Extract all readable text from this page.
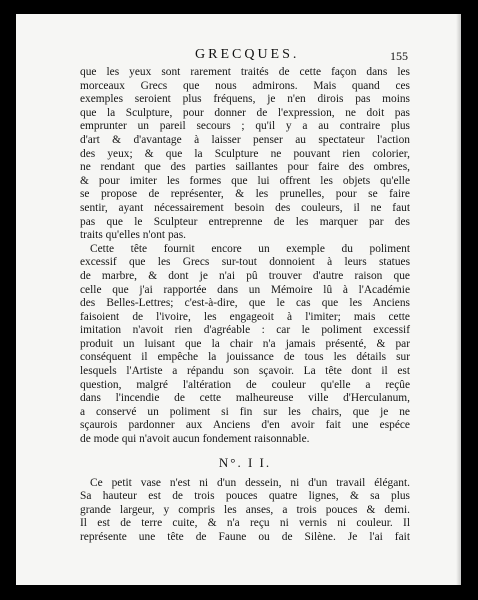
GRECQUES.	155
que les yeux sont rarement traités de cette façon dans les
morceaux Grecs que nous admirons. Mais quand ces
exemples seroient plus fréquens, je n'en dirois pas moins
que la Sculpture, pour donner de l'expression, ne doit pas
emprunter un pareil secours ; qu'il y a au contraire plus
d'art & d'avantage à laisser penser au spectateur l'action
des yeux; & que la Sculpture ne pouvant rien colorier,
ne rendant que des parties saillantes pour faire des ombres,
& pour imiter les formes que lui offrent les objets qu'elle
se propose de représenter, & les prunelles, pour se faire
sentir, ayant nécessairement besoin des couleurs, il ne faut
pas que le Sculpteur entreprenne de les marquer par des
traits qu'elles n'ont pas.
Cette tête fournit encore un exemple du poliment
excessif que les Grecs sur-tout donnoient à leurs statues
de marbre, & dont je n'ai pû trouver d'autre raison que
celle que j'ai rapportée dans un Mémoire lû à l'Académie
des Belles-Lettres; c'est-à-dire, que le cas que les Anciens
faisoient de l'ivoire, les engageoit à l'imiter; mais cette
imitation n'avoit rien d'agréable : car le poliment excessif
produit un luisant que la chair n'a jamais présenté, & par
conséquent il empêche la jouissance de tous les détails sur
lesquels l'Artiste a répandu son sçavoir. La tête dont il est
question, malgré l'altération de couleur qu'elle a reçûe
dans l'incendie de cette malheureuse ville d'Herculanum,
a conservé un poliment si fin sur les chairs, que je ne
sçaurois pardonner aux Anciens d'en avoir fait une espéce
de mode qui n'avoit aucun fondement raisonnable.
N°. I I.
Ce petit vase n'est ni d'un dessein, ni d'un travail élégant.
Sa hauteur est de trois pouces quatre lignes, & sa plus
grande largeur, y compris les anses, a trois pouces & demi.
Il est de terre cuite, & n'a reçu ni vernis ni couleur. Il
représente une tête de Faune ou de Silène. Je l'ai fait
